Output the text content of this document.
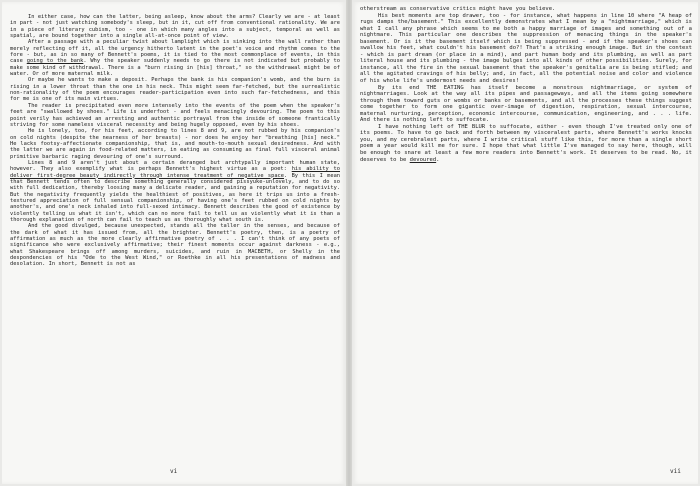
In either case, how can the latter, being asleep, know about the arms? Clearly we are - at least in part - not just watching somebody's sleep, but in it, cut off from conventional rationality. We are in a piece of literary cubism, too - one in which many angles into a subject, temporal as well as spatial, are bound together into a single all-at-once point of view.

After a passage with a peculiar twist about lamplight which is sinking into the wall rather than merely reflecting off it, all the urgency hitherto latent in the poet's voice and rhythm comes to the fore - but, as in so many of Bennett's poems, it is tied to the most commonplace of events, in this case going to the bank. Why the speaker suddenly needs to go there is not indicated but probably to make some kind of withdrawal. There is a "burn rising in [his] throat," so the withdrawal might be of water. Or of more maternal milk.

Or maybe he wants to make a deposit. Perhaps the bank is his companion's womb, and the burn is rising in a lower throat than the one in his neck. This might seem far-fetched, but the surrealistic non-rationality of the poem encourages reader-participation even into such far-fetchedness, and this for me is one of its main virtues.

The reader is precipitated even more intensely into the events of the poem when the speaker's feet are "swallowed by shoes." Life is underfoot - and feels menacingly devouring. The poem to this point verily has achieved an arresting and authentic portrayal from the inside of someone frantically striving for some nameless visceral necessity and being hugely opposed, even by his shoes.

He is lonely, too, for his feet, according to lines 8 and 9, are not rubbed by his companion's on cold nights (despite the nearness of her breasts) - nor does he enjoy her "breathing [his] neck." He lacks footsy-affectionate companionship, that is, and mouth-to-mouth sexual desiredness. And with the latter we are again in food-related matters, in eating as consuming as final full visceral animal primitive barbaric raging devouring of one's surround.

Lines 8 and 9 aren't just about a certain deranged but archtypally important human state, however. They also exemplify what is perhaps Bennett's highest virtue as a poet: his ability to deliver first-degree beauty indirectly through intense treatment of negative space. By this I mean that Bennett tends often to describe something generally considered pissyuke-unlovely, and to do so with full dedication, thereby loosing many a delicate reader, and gaining a reputation for negativity. But the negativity frequently yields the healthiest of positives, as here it trips us into a fresh-textured appreciation of full sensual companionship, of having one's feet rubbed on cold nights by another's, and one's neck inhaled into full-sexed intimacy. Bennett describes the good of existence by violently telling us what it isn't, which can no more fail to tell us as violently what it is than a thorough explanation of north can fail to teach us as thoroughly what south is.

And the good divulged, because unexpected, stands all the taller in the senses, and because of the dark of what it has issued from, all the brighter. Bennett's poetry, then, is a poetry of affirmation as much as the more clearly affirmative poetry of . . . I can't think of any poets of significance who were exclusively affirmative; their finest moments occur against darkness - e.g., what Shakespeare brings off among murders, suicides, and ruin in MACBETH, or Shelly in the despondencies of his "Ode to the West Wind," or Roethke in all his presentations of madness and desolation. In short, Bennett is not as

vi

otherstream as conservative critics might have you believe.

His best moments are top drawer, too - for instance, what happens in line 10 where "A heap of rugs damps the/basement." This excellently demonstrates what I mean by a "nightmarriage," which is what I call any phrase which seems to me both a happy marriage of images and something out of a nightmare. This particular one describes the suppression of menacing things in the speaker's basement. Or is it the basement itself which is being suppressed - and if the speaker's shoes can swallow his feet, what couldn't his basement do?! That's a striking enough image. But in the context - which is part dream (or place in a mind), and part human body and its plumbing, as well as part literal house and its plumbing - the image bulges into all kinds of other possibilities. Surely, for instance, all the fire in the sexual basement that the speaker's genitalia are is being stifled; and all the agitated cravings of his belly; and, in fact, all the potential noise and color and violence of his whole life's undermost needs and desires!

By its end THE EATING has itself become a monstrous nightmarriage, or system of nightmarriages. Look at the way all its pipes and passageways, and all the items going somewhere through them toward guts or wombs or banks or basements, and all the processes these things suggest come together to form one gigantic over-image of digestion, respiration, sexual intercourse, maternal nurturing, perception, economic intercourse, communication, engineering, and . . . life. And there is nothing left to suffocate.

I have nothing left of THE BLUR to suffocate, either - even though I've treated only one of its poems. To have to go back and forth between my visceralest parts, where Bennett's works knocks you, and my cerebralest parts, where I write critical stuff like this, for more than a single short poem a year would kill me for sure. I hope that what little I've managed to say here, though, will be enough to snare at least a few more readers into Bennett's work. It deserves to be read. No, it deserves to be devoured.

vii
